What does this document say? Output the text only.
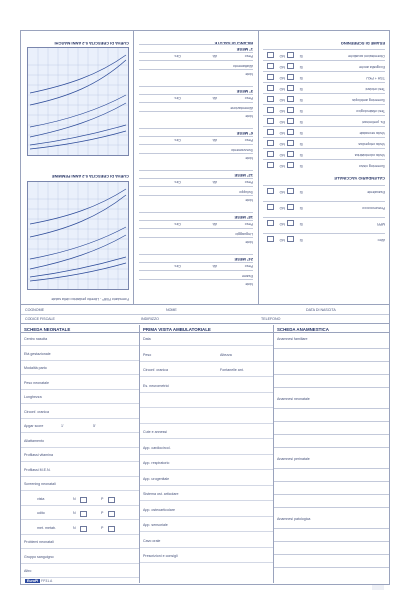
ESAME DI SCREENING
Otoemissioni acustiche
SI
NO
Ecografia anche
SI
NO
TSH + PKU
SI
NO
Test ortolani
SI
NO
Screening ambliopia
SI
NO
Test oftalmologico
SI
NO
Es. preliminari
SI
NO
Visita neonatale
SI
NO
Visita ortopedica
SI
NO
Visita odontoiatrica
SI
NO
Screening visivo
SI
NO
CALENDARIO VACCINALE
Esavalente
SI
NO
Pneumococco
SI
NO
MPR
SI
NO
Altro
SI
NO
BILANCI DI SALUTE
1° MESE
Peso
Alt.
Circ.
Allattamento
Note
3° MESE
Peso
Alt.
Circ.
Alimentazione
Note
6° MESE
Peso
Alt.
Circ.
Svezzamento
Note
12° MESE
Peso
Alt.
Circ.
Sviluppo
Note
18° MESE
Peso
Alt.
Circ.
Linguaggio
Note
24° MESE
Peso
Alt.
Circ.
Esame
Note
CURVA DI CRESCITA 0-2 ANNI MASCHI
CURVA DI CRESCITA 0-2 ANNI FEMMINE
Formulario FIMP - Libretto pediatrico della salute
COGNOME	NOME	DATA DI NASCITA
CODICE FISCALE	INDIRIZZO	TELEFONO
SCHEDA NEONATALE
Centro nascita
Età gestazionale
Modalità parto
Peso neonatale
Lunghezza
Circonf. cranica
Apgar score	1'	5'
Allattamento
Profilassi vitamina
Profilassi M.E.N.
Screening neonatali
vista	N	P
udito	N	P
met. metab.	N	P
Problemi neonatali
Gruppo sanguigno
Altro
PRIMA VISITA AMBULATORIALE
Data
Peso	Altezza
Circonf. cranica	Fontanelle ant.
Es. neurometrici
Cute e annessi
App. cardiocircol.
App. respiratorio
App. urogenitale
Sistema ost. articolare
App. osteoarticolare
App. sensoriale
Cavo orale
Prescrizioni e consigli
SCHEDA ANAMNESTICA
Anamnesi familiare
Anamnesi neonatale
Anamnesi perinatale
Anamnesi patologica
EuroPi FP31.A
